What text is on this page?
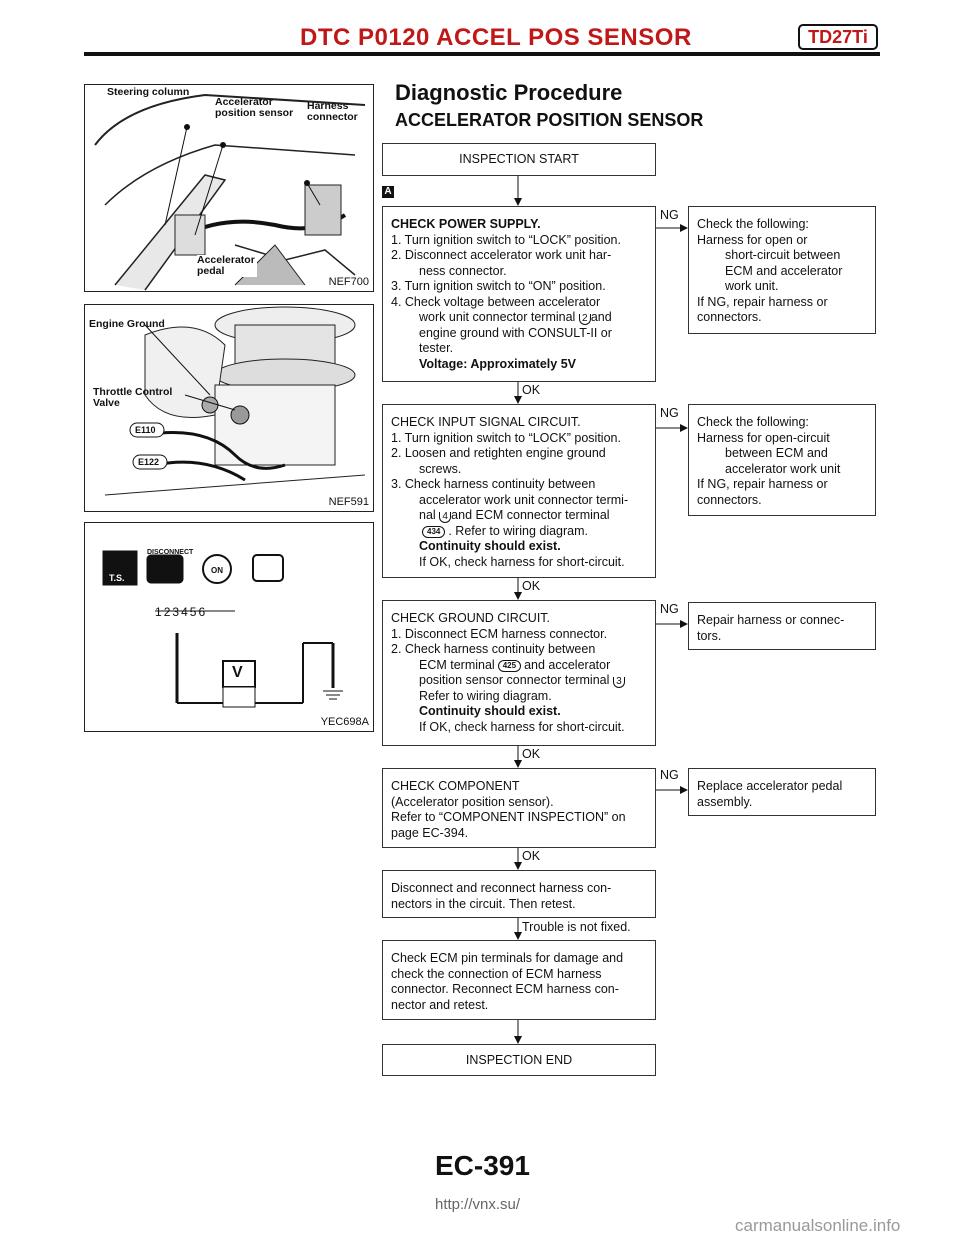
DTC P0120 ACCEL POS SENSOR	TD27Ti
Steering column
Accelerator position sensor
Harness connector
Accelerator pedal
NEF700
Engine Ground
Throttle Control Valve
E110
E122
NEF591
DISCONNECT
T.S.
ON
V
123456
YEC698A
Diagnostic Procedure
ACCELERATOR POSITION SENSOR
A
INSPECTION START
CHECK POWER SUPPLY.
1. Turn ignition switch to “LOCK” position.
2. Disconnect accelerator work unit har-
ness connector.
3. Turn ignition switch to “ON” position.
4. Check voltage between accelerator
work unit connector terminal 2 and
engine ground with CONSULT-II or
tester.
Voltage: Approximately 5V
NG
OK
Check the following:
Harness for open or
short-circuit between
ECM and accelerator
work unit.
If NG, repair harness or
connectors.
CHECK INPUT SIGNAL CIRCUIT.
1. Turn ignition switch to “LOCK” position.
2. Loosen and retighten engine ground
screws.
3. Check harness continuity between
accelerator work unit connector termi-
nal 4 and ECM connector terminal
434 . Refer to wiring diagram.
Continuity should exist.
If OK, check harness for short-circuit.
NG
OK
Check the following:
Harness for open-circuit
between ECM and
accelerator work unit
If NG, repair harness or
connectors.
CHECK GROUND CIRCUIT.
1. Disconnect ECM harness connector.
2. Check harness continuity between
ECM terminal 425 and accelerator
position sensor connector terminal 3
Refer to wiring diagram.
Continuity should exist.
If OK, check harness for short-circuit.
NG
OK
Repair harness or connec-
tors.
CHECK COMPONENT
(Accelerator position sensor).
Refer to “COMPONENT INSPECTION” on
page EC-394.
NG
OK
Replace accelerator pedal
assembly.
Disconnect and reconnect harness con-
nectors in the circuit. Then retest.
Trouble is not fixed.
Check ECM pin terminals for damage and
check the connection of ECM harness
connector. Reconnect ECM harness con-
nector and retest.
INSPECTION END
EC-391
http://vnx.su/
carmanualsonline.info
